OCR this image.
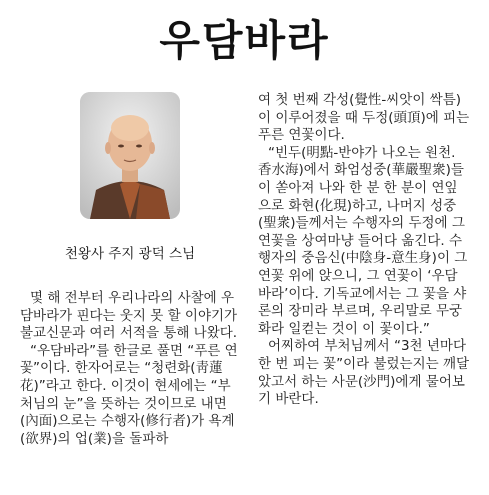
우담바라
천왕사 주지 광덕 스님

몇 해 전부터 우리나라의 사찰에 우담바라가 핀다는 웃지 못 할 이야기가 불교신문과 여러 서적을 통해 나왔다.

“우담바라”를 한글로 풀면 “푸른 연꽃”이다. 한자어로는 “청련화(靑蓮花)”라고 한다. 이것이 현세에는 “부처님의 눈”을 뜻하는 것이므로 내면(內面)으로는 수행자(修行者)가 욕계(欲界)의 업(業)을 돌파하

여 첫 번째 각성(覺性-씨앗이 싹틈)이 이루어졌을 때 두정(頭頂)에 피는 푸른 연꽃이다.

“빈두(明點-반야가 나오는 원천. 香水海)에서 화엄성중(華嚴聖衆)들이 쏟아져 나와 한 분 한 분이 연잎으로 화현(化現)하고, 나머지 성중(聖衆)들께서는 수행자의 두정에 그 연꽃을 상여마냥 들어다 옮긴다. 수행자의 중음신(中陰身-意生身)이 그 연꽃 위에 앉으니, 그 연꽃이 ‘우담바라’이다. 기독교에서는 그 꽃을 샤론의 장미라 부르며, 우리말로 무궁화라 일컫는 것이 이 꽃이다.”

어찌하여 부처님께서 “3천 년마다 한 번 피는 꽃”이라 불렀는지는 깨달았고서 하는 사문(沙門)에게 물어보기 바란다.
